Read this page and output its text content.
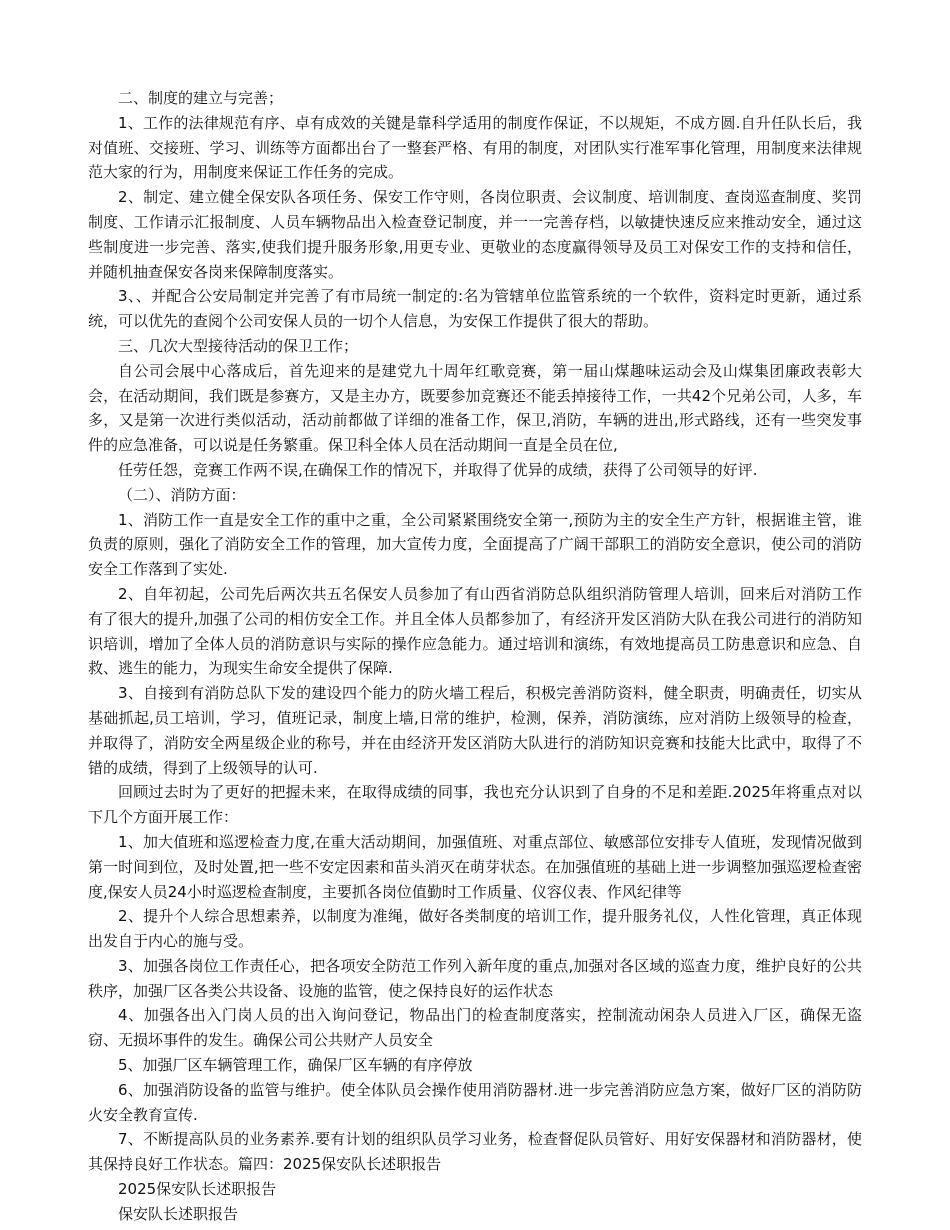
二、制度的建立与完善；

1、工作的法律规范有序、卓有成效的关键是靠科学适用的制度作保证，不以规矩，不成方圆.自升任队长后，我对值班、交接班、学习、训练等方面都出台了一整套严格、有用的制度，对团队实行准军事化管理，用制度来法律规范大家的行为，用制度来保证工作任务的完成。

2、制定、建立健全保安队各项任务、保安工作守则，各岗位职责、会议制度、培训制度、查岗巡查制度、奖罚制度、工作请示汇报制度、人员车辆物品出入检查登记制度，并一一完善存档，以敏捷快速反应来推动安全，通过这些制度进一步完善、落实,使我们提升服务形象,用更专业、更敬业的态度赢得领导及员工对保安工作的支持和信任，并随机抽查保安各岗来保障制度落实。

3、、并配合公安局制定并完善了有市局统一制定的:名为管辖单位监管系统的一个软件，资料定时更新，通过系统，可以优先的查阅个公司安保人员的一切个人信息，为安保工作提供了很大的帮助。

三、几次大型接待活动的保卫工作；

自公司会展中心落成后，首先迎来的是建党九十周年红歌竞赛，第一届山煤趣味运动会及山煤集团廉政表彰大会，在活动期间，我们既是参赛方，又是主办方，既要参加竞赛还不能丢掉接待工作，一共42个兄弟公司，人多，车多，又是第一次进行类似活动，活动前都做了详细的准备工作，保卫,消防，车辆的进出,形式路线，还有一些突发事件的应急准备，可以说是任务繁重。保卫科全体人员在活动期间一直是全员在位,

任劳任怨，竞赛工作两不误,在确保工作的情况下，并取得了优异的成绩，获得了公司领导的好评.

（二）、消防方面：

1、消防工作一直是安全工作的重中之重，全公司紧紧围绕安全第一,预防为主的安全生产方针，根据谁主管，谁负责的原则，强化了消防安全工作的管理，加大宣传力度，全面提高了广阔干部职工的消防安全意识，使公司的消防安全工作落到了实处.

2、自年初起，公司先后两次共五名保安人员参加了有山西省消防总队组织消防管理人培训，回来后对消防工作有了很大的提升,加强了公司的相仿安全工作。并且全体人员都参加了，有经济开发区消防大队在我公司进行的消防知识培训，增加了全体人员的消防意识与实际的操作应急能力。通过培训和演练，有效地提高员工防患意识和应急、自救、逃生的能力，为现实生命安全提供了保障.

3、自接到有消防总队下发的建设四个能力的防火墙工程后，积极完善消防资料，健全职责，明确责任，切实从基础抓起,员工培训，学习，值班记录，制度上墙,日常的维护，检测，保养，消防演练，应对消防上级领导的检查，并取得了，消防安全两星级企业的称号，并在由经济开发区消防大队进行的消防知识竞赛和技能大比武中，取得了不错的成绩，得到了上级领导的认可.

回顾过去时为了更好的把握未来，在取得成绩的同事，我也充分认识到了自身的不足和差距.2025年将重点对以下几个方面开展工作：

1、加大值班和巡逻检查力度,在重大活动期间，加强值班、对重点部位、敏感部位安排专人值班，发现情况做到第一时间到位，及时处置,把一些不安定因素和苗头消灭在萌芽状态。在加强值班的基础上进一步调整加强巡逻检查密度,保安人员24小时巡逻检查制度，主要抓各岗位值勤时工作质量、仪容仪表、作风纪律等

2、提升个人综合思想素养，以制度为准绳，做好各类制度的培训工作，提升服务礼仪，人性化管理，真正体现出发自于内心的施与受。

3、加强各岗位工作责任心，把各项安全防范工作列入新年度的重点,加强对各区域的巡查力度，维护良好的公共秩序，加强厂区各类公共设备、设施的监管，使之保持良好的运作状态

4、加强各出入门岗人员的出入询问登记，物品出门的检查制度落实，控制流动闲杂人员进入厂区，确保无盗窃、无损坏事件的发生。确保公司公共财产人员安全

5、加强厂区车辆管理工作，确保厂区车辆的有序停放

6、加强消防设备的监管与维护。使全体队员会操作使用消防器材.进一步完善消防应急方案，做好厂区的消防防火安全教育宣传.

7、不断提高队员的业务素养.要有计划的组织队员学习业务，检查督促队员管好、用好安保器材和消防器材，使其保持良好工作状态。篇四：2025保安队长述职报告

2025保安队长述职报告

保安队长述职报告
